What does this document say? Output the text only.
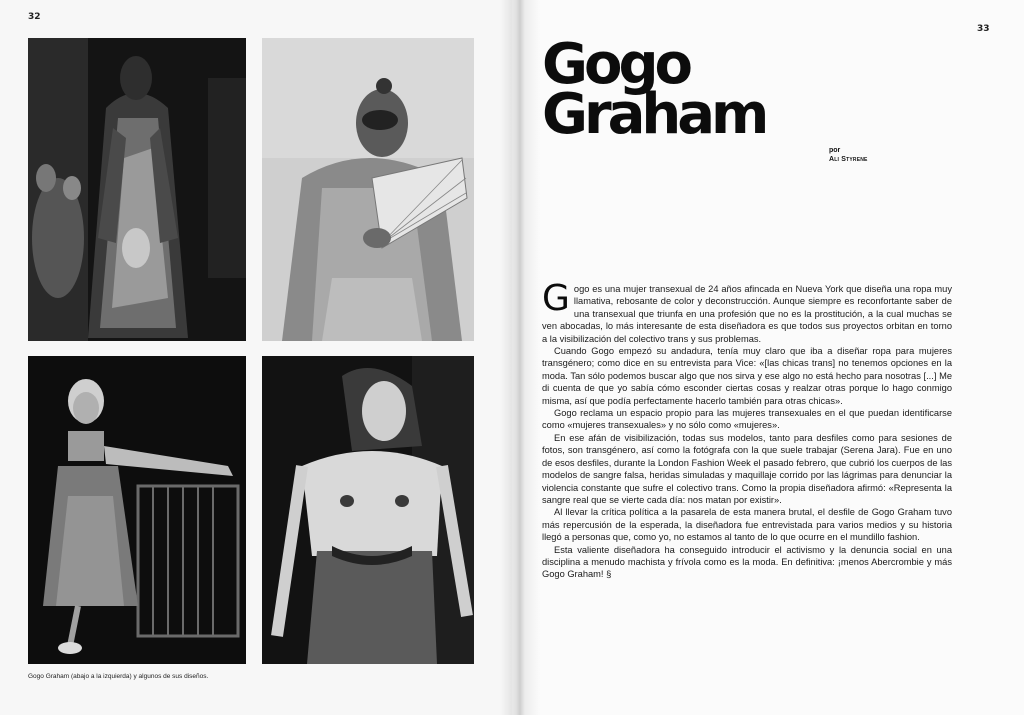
32
Gogo Graham (abajo a la izquierda) y algunos de sus diseños.
33
Gogo
Graham
por
Ali Styrene

Gogo es una mujer transexual de 24 años afincada en Nueva York que diseña una ropa muy llamativa, rebosante de color y deconstrucción. Aunque siempre es reconfortante saber de una transexual que triunfa en una profesión que no es la prostitución, a la cual muchas se ven abocadas, lo más interesante de esta diseñadora es que todos sus proyectos orbitan en torno a la visibilización del colectivo trans y sus problemas.

Cuando Gogo empezó su andadura, tenía muy claro que iba a diseñar ropa para mujeres transgénero; como dice en su entrevista para Vice: «[las chicas trans] no tenemos opciones en la moda. Tan sólo podemos buscar algo que nos sirva y ese algo no está hecho para nosotras [...] Me di cuenta de que yo sabía cómo esconder ciertas cosas y realzar otras porque lo hago conmigo misma, así que podía perfectamente hacerlo también para otras chicas».

Gogo reclama un espacio propio para las mujeres transexuales en el que puedan identificarse como «mujeres transexuales» y no sólo como «mujeres».

En ese afán de visibilización, todas sus modelos, tanto para desfiles como para sesiones de fotos, son transgénero, así como la fotógrafa con la que suele trabajar (Serena Jara). Fue en uno de esos desfiles, durante la London Fashion Week el pasado febrero, que cubrió los cuerpos de las modelos de sangre falsa, heridas simuladas y maquillaje corrido por las lágrimas para denunciar la violencia constante que sufre el colectivo trans. Como la propia diseñadora afirmó: «Representa la sangre real que se vierte cada día: nos matan por existir».

Al llevar la crítica política a la pasarela de esta manera brutal, el desfile de Gogo Graham tuvo más repercusión de la esperada, la diseñadora fue entrevistada para varios medios y su historia llegó a personas que, como yo, no estamos al tanto de lo que ocurre en el mundillo fashion.

Esta valiente diseñadora ha conseguido introducir el activismo y la denuncia social en una disciplina a menudo machista y frívola como es la moda. En definitiva: ¡menos Abercrombie y más Gogo Graham! §
